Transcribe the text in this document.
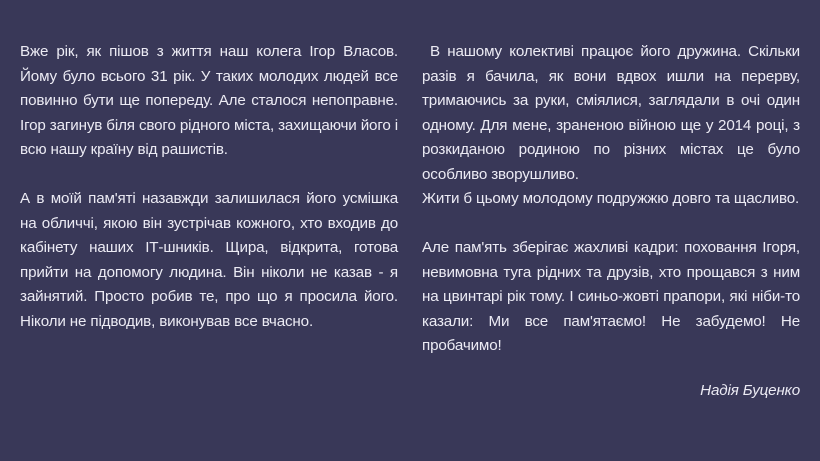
Вже рік, як пішов з життя наш колега Ігор Власов. Йому було всього 31 рік. У таких молодих людей все повинно бути ще попереду. Але сталося непоправне. Ігор загинув біля свого рідного міста, захищаючи його і всю нашу країну від рашистів.

А в моїй пам'яті назавжди залишилася його усмішка на обличчі, якою він зустрічав кожного, хто входив до кабінету наших ІТ-шників. Щира, відкрита, готова прийти на допомогу людина. Він ніколи не казав - я зайнятий. Просто робив те, про що я просила його. Ніколи не підводив, виконував все вчасно.

В нашому колективі працює його дружина. Скільки разів я бачила, як вони вдвох ишли на перерву, тримаючись за руки, сміялися, заглядали в очі один одному. Для мене, зраненою війною ще у 2014 році, з розкиданою родиною по різних містах це було особливо зворушливо.

Жити б цьому молодому подружжю довго та щасливо.

Але пам'ять зберігає жахливі кадри: поховання Ігоря, невимовна туга рідних та друзів, хто прощався з ним на цвинтарі рік тому. І синьо-жовті прапори, які ніби-то казали: Ми все пам'ятаємо! Не забудемо! Не пробачимо!

Надія Буценко
